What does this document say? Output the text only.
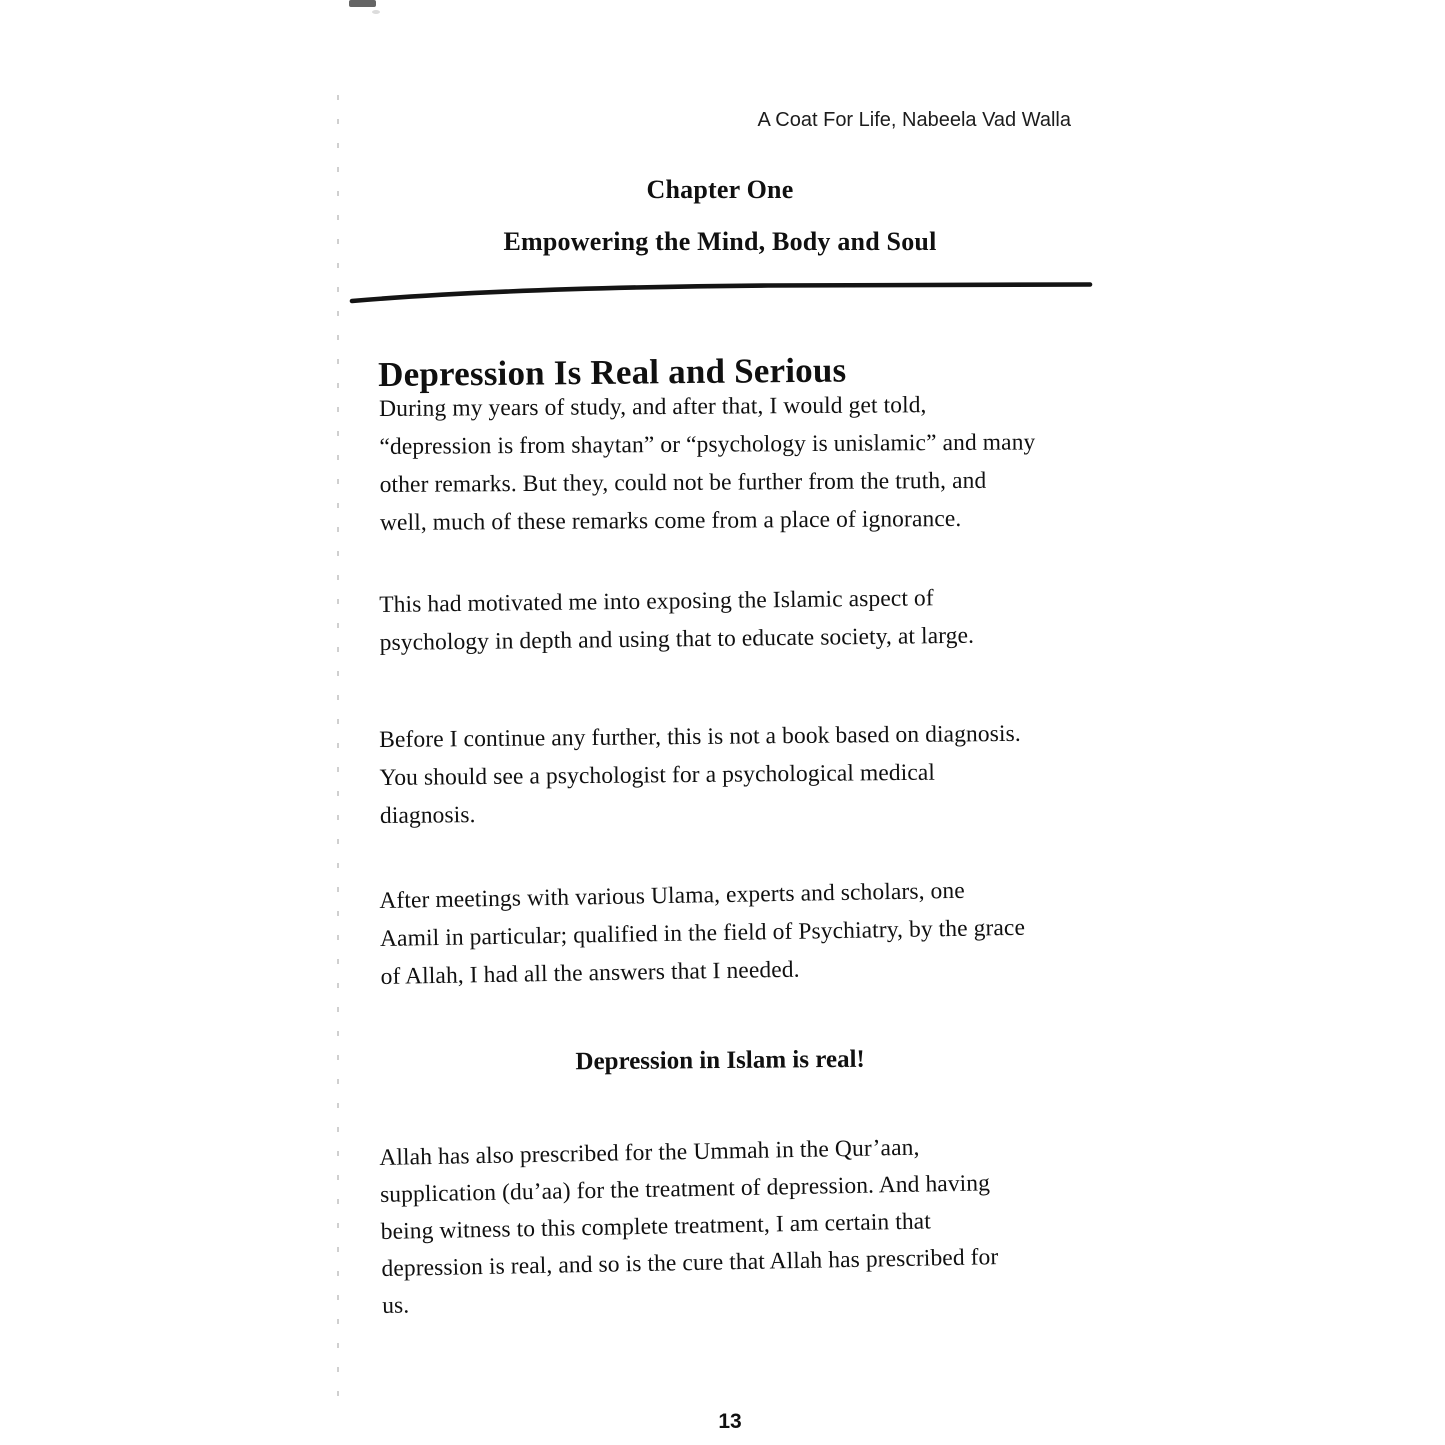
A Coat For Life, Nabeela Vad Walla
Chapter One
Empowering the Mind, Body and Soul
Depression Is Real and Serious

During my years of study, and after that, I would get told,
“depression is from shaytan” or “psychology is unislamic” and many
other remarks. But they, could not be further from the truth, and
well, much of these remarks come from a place of ignorance.

This had motivated me into exposing the Islamic aspect of
psychology in depth and using that to educate society, at large.

Before I continue any further, this is not a book based on diagnosis.
You should see a psychologist for a psychological medical
diagnosis.

After meetings with various Ulama, experts and scholars, one
Aamil in particular; qualified in the field of Psychiatry, by the grace
of Allah, I had all the answers that I needed.

Depression in Islam is real!

Allah has also prescribed for the Ummah in the Qur’aan,
supplication (du’aa) for the treatment of depression. And having
being witness to this complete treatment, I am certain that
depression is real, and so is the cure that Allah has prescribed for
us.

13
